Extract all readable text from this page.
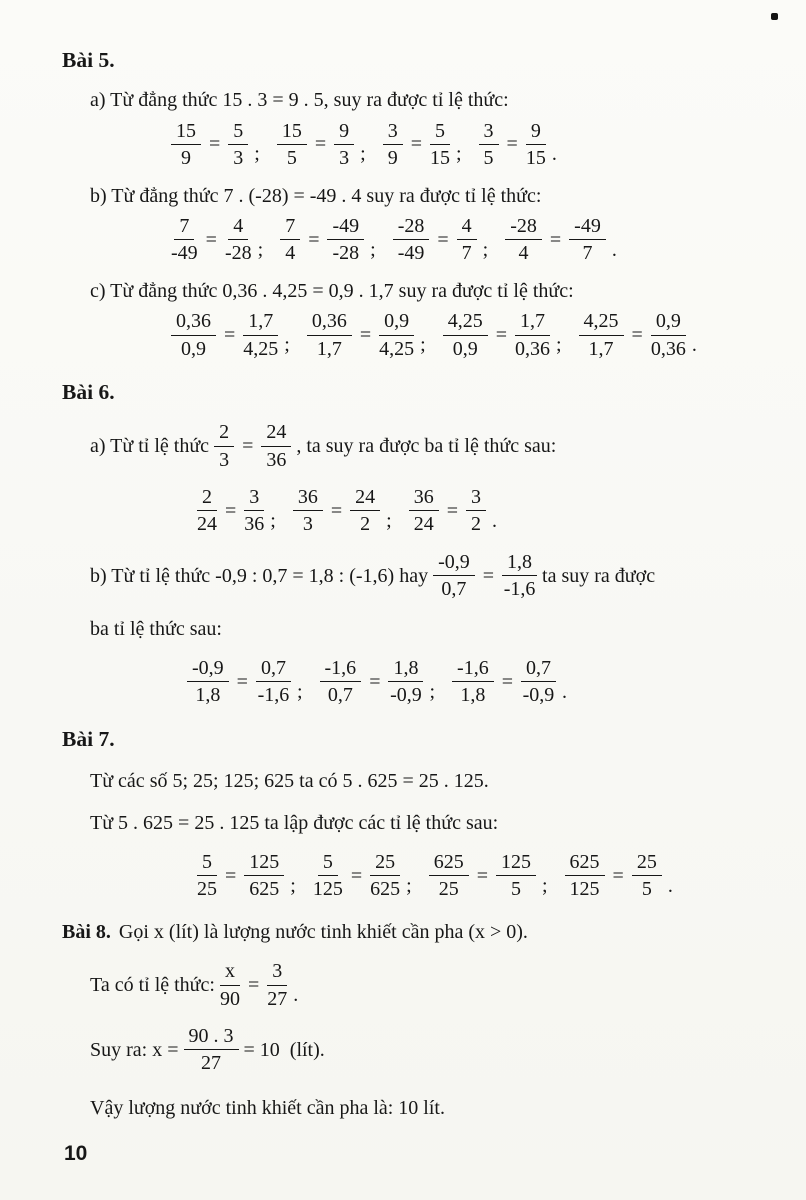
Bài 5.

a) Từ đẳng thức 15 . 3 = 9 . 5, suy ra được tỉ lệ thức:

$\frac{15}{9} = \frac{5}{3}$ ; $\frac{15}{5} = \frac{9}{3}$ ; $\frac{3}{9} = \frac{5}{15}$ ; $\frac{3}{5} = \frac{9}{15}$ .

b) Từ đẳng thức 7 . (-28) = -49 . 4 suy ra được tỉ lệ thức:

$\frac{7}{-49} = \frac{4}{-28}$ ; $\frac{7}{4} = \frac{-49}{-28}$ ; $\frac{-28}{-49} = \frac{4}{7}$ ; $\frac{-28}{4} = \frac{-49}{7}$ .

c) Từ đẳng thức 0,36 . 4,25 = 0,9 . 1,7 suy ra được tỉ lệ thức:

$\frac{0,36}{0,9} = \frac{1,7}{4,25}$ ; $\frac{0,36}{1,7} = \frac{0,9}{4,25}$ ; $\frac{4,25}{0,9} = \frac{1,7}{0,36}$ ; $\frac{4,25}{1,7} = \frac{0,9}{0,36}$ .
Bài 6.
a) Từ tỉ lệ thức $\frac{2}{3} = \frac{24}{36}$ , ta suy ra được ba tỉ lệ thức sau:
$\frac{2}{24} = \frac{3}{36}$ ; $\frac{36}{3} = \frac{24}{2}$ ; $\frac{36}{24} = \frac{3}{2}$ .
b) Từ tỉ lệ thức -0,9 : 0,7 = 1,8 : (-1,6) hay $\frac{-0,9}{0,7} = \frac{1,8}{-1,6}$ ta suy ra được

ba tỉ lệ thức sau:

$\frac{-0,9}{1,8} = \frac{0,7}{-1,6}$ ; $\frac{-1,6}{0,7} = \frac{1,8}{-0,9}$ ; $\frac{-1,6}{1,8} = \frac{0,7}{-0,9}$ .
Bài 7.

Từ các số 5; 25; 125; 625 ta có 5 . 625 = 25 . 125.

Từ 5 . 625 = 25 . 125 ta lập được các tỉ lệ thức sau:

$\frac{5}{25} = \frac{125}{625}$ ; $\frac{5}{125} = \frac{25}{625}$ ; $\frac{625}{25} = \frac{125}{5}$ ; $\frac{625}{125} = \frac{25}{5}$ .

Bài 8. Gọi x (lít) là lượng nước tinh khiết cần pha (x > 0).

Ta có tỉ lệ thức: $\frac{x}{90} = \frac{3}{27}$ .
Suy ra: $x = \frac{90 . 3}{27} = 10$  (lít).

Vậy lượng nước tinh khiết cần pha là: 10 lít.

10
